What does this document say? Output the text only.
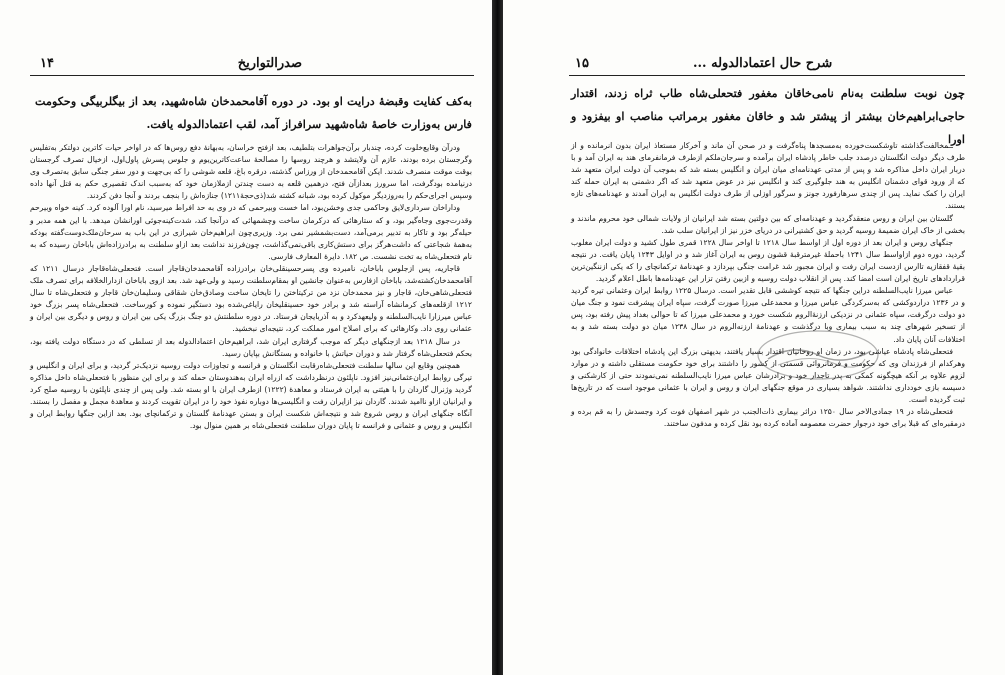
صدرالتواریخ
۱۴

به‌کف کفایت وقبضهٔ درایت او بود. در دوره آقامحمدخان شاه‌شهید، بعد از بیگلربیگی وحکومت فارس به‌وزارت خاصهٔ شاه‌شهید سرافراز آمد، لقب اعتمادالدوله یافت.

ودرآن وقایع‌خلوت کرده، چندبار برآن‌جواهرات بتلطیف، بعد ازفتح خراسان، به‌بهانهٔ دفع روس‌ها که در اواخر حیات کاترین دولتکر به‌تفلیس وگرجستان برده بودند، عازم آن ولایتشد و هرچند روسها را مصالحهٔ ساعت‌کاترین‌یوم و جلوس پسرش پاول‌اول، ازخیال تصرف گرجستان بوقت موقت منصرف شدند. ایکن آقامحمدخان از ورزاس گذشته، درقره باغ، قلعه شوشی را که بی‌جهت و دور سفر جنگی سابق به‌تصرف وی درنیامده بودگرفت، اما سرورز بعدازآن فتح، درهمین قلعه به دست چندتن ازملازمان خود که به‌سبب اندک تقصیری حکم به قتل آنها داده وسپس اجرای‌حکم را به‌روزدیگر موکول کرده بود، شبانه کشته شد(ذی‌حجهٔ۱۲۱۱) جنازه‌اش را بنجف بردند و آنجا دفن کردند.

وداراخان سرداری‌لایق وحاکمی جدی وخشن‌بود، اما خست وبیرحمی که در وی به حد افراط میرسید، نام اورا آلوده کرد. کینه خواه وبیرحم وقدرت‌جوی وجاه‌گیر بود، و که ستارهائی که درکرمان ساخت وچشمهائی که درآنجا کند، شدت‌کینه‌جوئی اورانشان میدهد. با این همه مدبر و حیله‌گر بود و تاکار به تدبیر برمی‌آمد، دست‌بشمشیر نمی برد. وزیری‌چون ابراهیم‌خان شیرازی در این باب به سرحان‌ملک‌دوست‌گفته بودکه به‌همهٔ شجاعتی که داشت‌هرگز برای دستش‌کاری باقی‌نمی‌گذاشت، چون‌فرزند نداشت بعد ازاو سلطنت به برادرزاده‌اش باباخان رسیده که به نام فتحعلی‌شاه به تخت نشست. ص ۱۸۲. دایرهٔ المعارف فارسی.

قاجاریه، پس ازجلوس باباخان، نامبرده وی پسرحسینقلی‌خان برادرزاده آقامحمدخان‌قاجار است. فتحعلی‌شاه‌قاجار درسال ۱۲۱۱ که آقامحمدخان‌کشته‌شد، باباخان ازفارس به‌عنوان جانشین او بمقام‌سلطنت رسید و ولی‌عهد شد. بعد ازوی باباخان ازدارالخلافه برای تصرف ملک فتحعلی‌شاهی‌خان، قاجار و نیز محمدخان نزد من ترکیتاختن را تایخان ساخت وصادق‌خان شقاقی وسلیمان‌خان قاجار و فتحعلی‌شاه تا سال ۱۲۱۲ ازقلعه‌های کرمانشاه آراسته شد و برادر خود حسینقلیخان رایاغی‌شده بود دستگیر نموده و کورساخت. فتحعلی‌شاه پسر بزرگ خود عباس میرزارا نایب‌السلطنه و ولیعهدکرد و به آذربایجان فرستاد. در دوره سلطنتش دو جنگ بزرگ یکی بین ایران و روس و دیگری بین ایران و عثمانی روی داد. وکارهائی که برای اصلاح امور مملکت کرد، نتیجه‌ای نبخشید.

در سال ۱۲۱۸ بعد ازجنگهای دیگر که موجب گرفتاری ایران شد، ابراهیم‌خان اعتمادالدوله بعد از تسلطی که در دستگاه دولت یافته بود، بحکم فتحعلی‌شاه گرفتار شد و دوران حیاتش با خانواده و بستگانش بپایان رسید.

همچنین وقایع این سالها سلطنت فتحعلی‌شاه‌رقابت انگلستان و فرانسه و تجاوزات دولت روسیه نزدیک‌تر گردید، و برای ایران و انگلیس و تیرگی روابط ایران‌عثمانی‌نیز افزود. ناپلئون درنظرداشت که ازراه ایران به‌هندوستان حمله کند و برای این منظور با فتحعلی‌شاه داخل مذاکره گردید وژنرال گاردان را با هیئتی به ایران فرستاد و معاهدهٔ (۱۲۲۲) ازطرف ایران با او بسته شد. ولی پس از چندی ناپلئون با روسیه صلح کرد و ایرانیان ازاو ناامید شدند. گاردان نیز ازایران رفت و انگلیسی‌ها دوباره نفوذ خود را در ایران تقویت کردند و معاهدهٔ مجمل و مفصل را بستند. آنگاه جنگهای ایران و روس شروع شد و نتیجه‌اش شکست ایران و بستن عهدنامهٔ گلستان و ترکمانچای بود. بعد ازاین جنگها روابط ایران و انگلیس و روس و عثمانی و فرانسه تا پایان دوران سلطنت فتحعلی‌شاه بر همین منوال بود.

شرح حال اعتمادالدوله ...
۱۵

چون نوبت سلطنت به‌نام نامی‌خاقان مغفور فتحعلی‌شاه طاب ثراه زدند، اقتدار حاجی‌ابراهیم‌خان بیشتر از پیشتر شد و خاقان مغفور برمراتب مناصب او بیفزود و اورا

ــمخالفت‌گذاشته تاوشکست‌خورده به‌مسجد‌ها پناه‌گرفت و در صحن آن ماند و آخرکار مستعاذ ایران بدون انرمانده و از طرف دیگر دولت انگلستان درصدد جلب خاطر پادشاه ایران برآمده و سرجان‌ملکم ازطرف فرمانفرمای هند به ایران آمد و با دربار ایران داخل مذاکره شد و پس از مدتی عهدنامه‌ای میان ایران و انگلیس بسته شد که بموجب آن دولت ایران متعهد شد که از ورود قوای دشمنان انگلیس به هند جلوگیری کند و انگلیس نیز در عوض متعهد شد که اگر دشمنی به ایران حمله کند ایران را کمک نماید. پس از چندی سرهارفورد جونز و سرگور اوزلی از طرف دولت انگلیس به ایران آمدند و عهدنامه‌های تازه بستند.

گلستان بین ایران و روس منعقدگردید و عهدنامه‌ای که بین دولتین بسته شد ایرانیان از ولایات شمالی خود محروم ماندند و بخشی از خاک ایران ضمیمهٔ روسیه گردید و حق کشتیرانی در دریای خزر نیز از ایرانیان سلب شد.

جنگهای روس و ایران بعد از دوره اول از اواسط سال ۱۲۱۸ تا اواخر سال ۱۲۲۸ قمری طول کشید و دولت ایران مغلوب گردید، دوره دوم ازاواسط سال ۱۲۴۱ باحملهٔ غیرمترقبهٔ قشون روس به ایران آغاز شد و در اوایل ۱۲۴۳ پایان یافت. در نتیجه بقیهٔ قفقازیه تاارس ازدست ایران رفت و ایران مجبور شد غرامت جنگی بپردازد و عهدنامهٔ ترکمانچای را که یکی ازننگین‌ترین قراردادهای تاریخ ایران است امضا کند. پس از انقلاب دولت روسیه و ازبین رفتن تزار این عهدنامه‌ها باطل اعلام گردید.

عباس میرزا نایب‌السلطنه دراین جنگها که نتیجه کوششی قابل تقدیر است. درسال ۱۲۲۵ روابط ایران وعثمانی تیره گردید و در ۱۲۳۶ دراردوکشی که به‌سرکردگی عباس میرزا و محمدعلی میرزا صورت گرفت، سپاه ایران پیشرفت نمود و جنگ میان دو دولت درگرفت، سپاه عثمانی در نزدیکی ارزنهٔ‌الروم شکست خورد و محمدعلی میرزا که تا حوالی بغداد پیش رفته بود، پس از تسخیر شهرهای چند به سبب بیماری وبا درگذشت و عهدنامهٔ ارزنه‌الروم در سال ۱۲۳۸ میان دو دولت بسته شد و به اختلافات آنان پایان داد.

فتحعلی‌شاه پادشاه عیاشی بود، در زمان او روحانیان اقتدار بسیار یافتند، بدیهتی بزرگ این پادشاه اختلافات خانوادگی بود وهرکدام از فرزندان وی که حکومت و فرمانروائی قسمتی از کشور را داشتند برای خود حکومت مستقلی داشته و در موارد لزوم علاوه بر آنکه هیچگونه کمکی به پدر تاجدار خود و برادرشان عباس میرزا نایب‌السلطنه نمی‌نمودند حتی از کارشکنی و دسیسه بازی خودداری نداشتند. شواهد بسیاری در موقع جنگهای ایران و روس و ایران با عثمانی موجود است که در تاریخ‌ها ثبت گردیده است.

فتحعلی‌شاه در ۱۹ جمادی‌الاخر سال ۱۲۵۰ دراثر بیماری ذات‌الجنب در شهر اصفهان فوت کرد وجسدش را به قم برده و درمقبره‌ای که قبلا برای خود درجوار حضرت معصومه آماده کرده بود نقل کرده و مدفون ساختند.
